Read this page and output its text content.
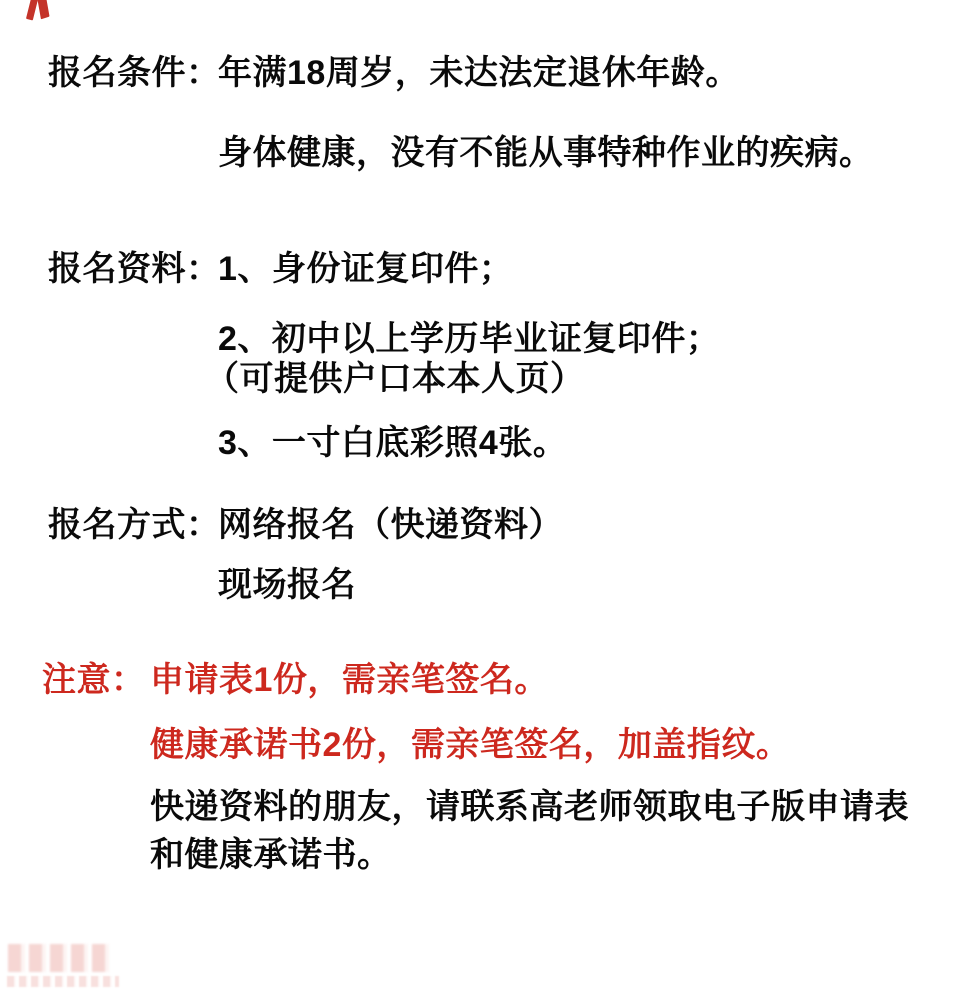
报名条件：
年满18周岁，未达法定退休年龄。
身体健康，没有不能从事特种作业的疾病。
报名资料：
1、身份证复印件；
2、初中以上学历毕业证复印件；
（可提供户口本本人页）
3、一寸白底彩照4张。
报名方式：
网络报名（快递资料）
现场报名
注意： 申请表1份，需亲笔签名。
健康承诺书2份，需亲笔签名，加盖指纹。
快递资料的朋友，请联系高老师领取电子版申请表
和健康承诺书。
